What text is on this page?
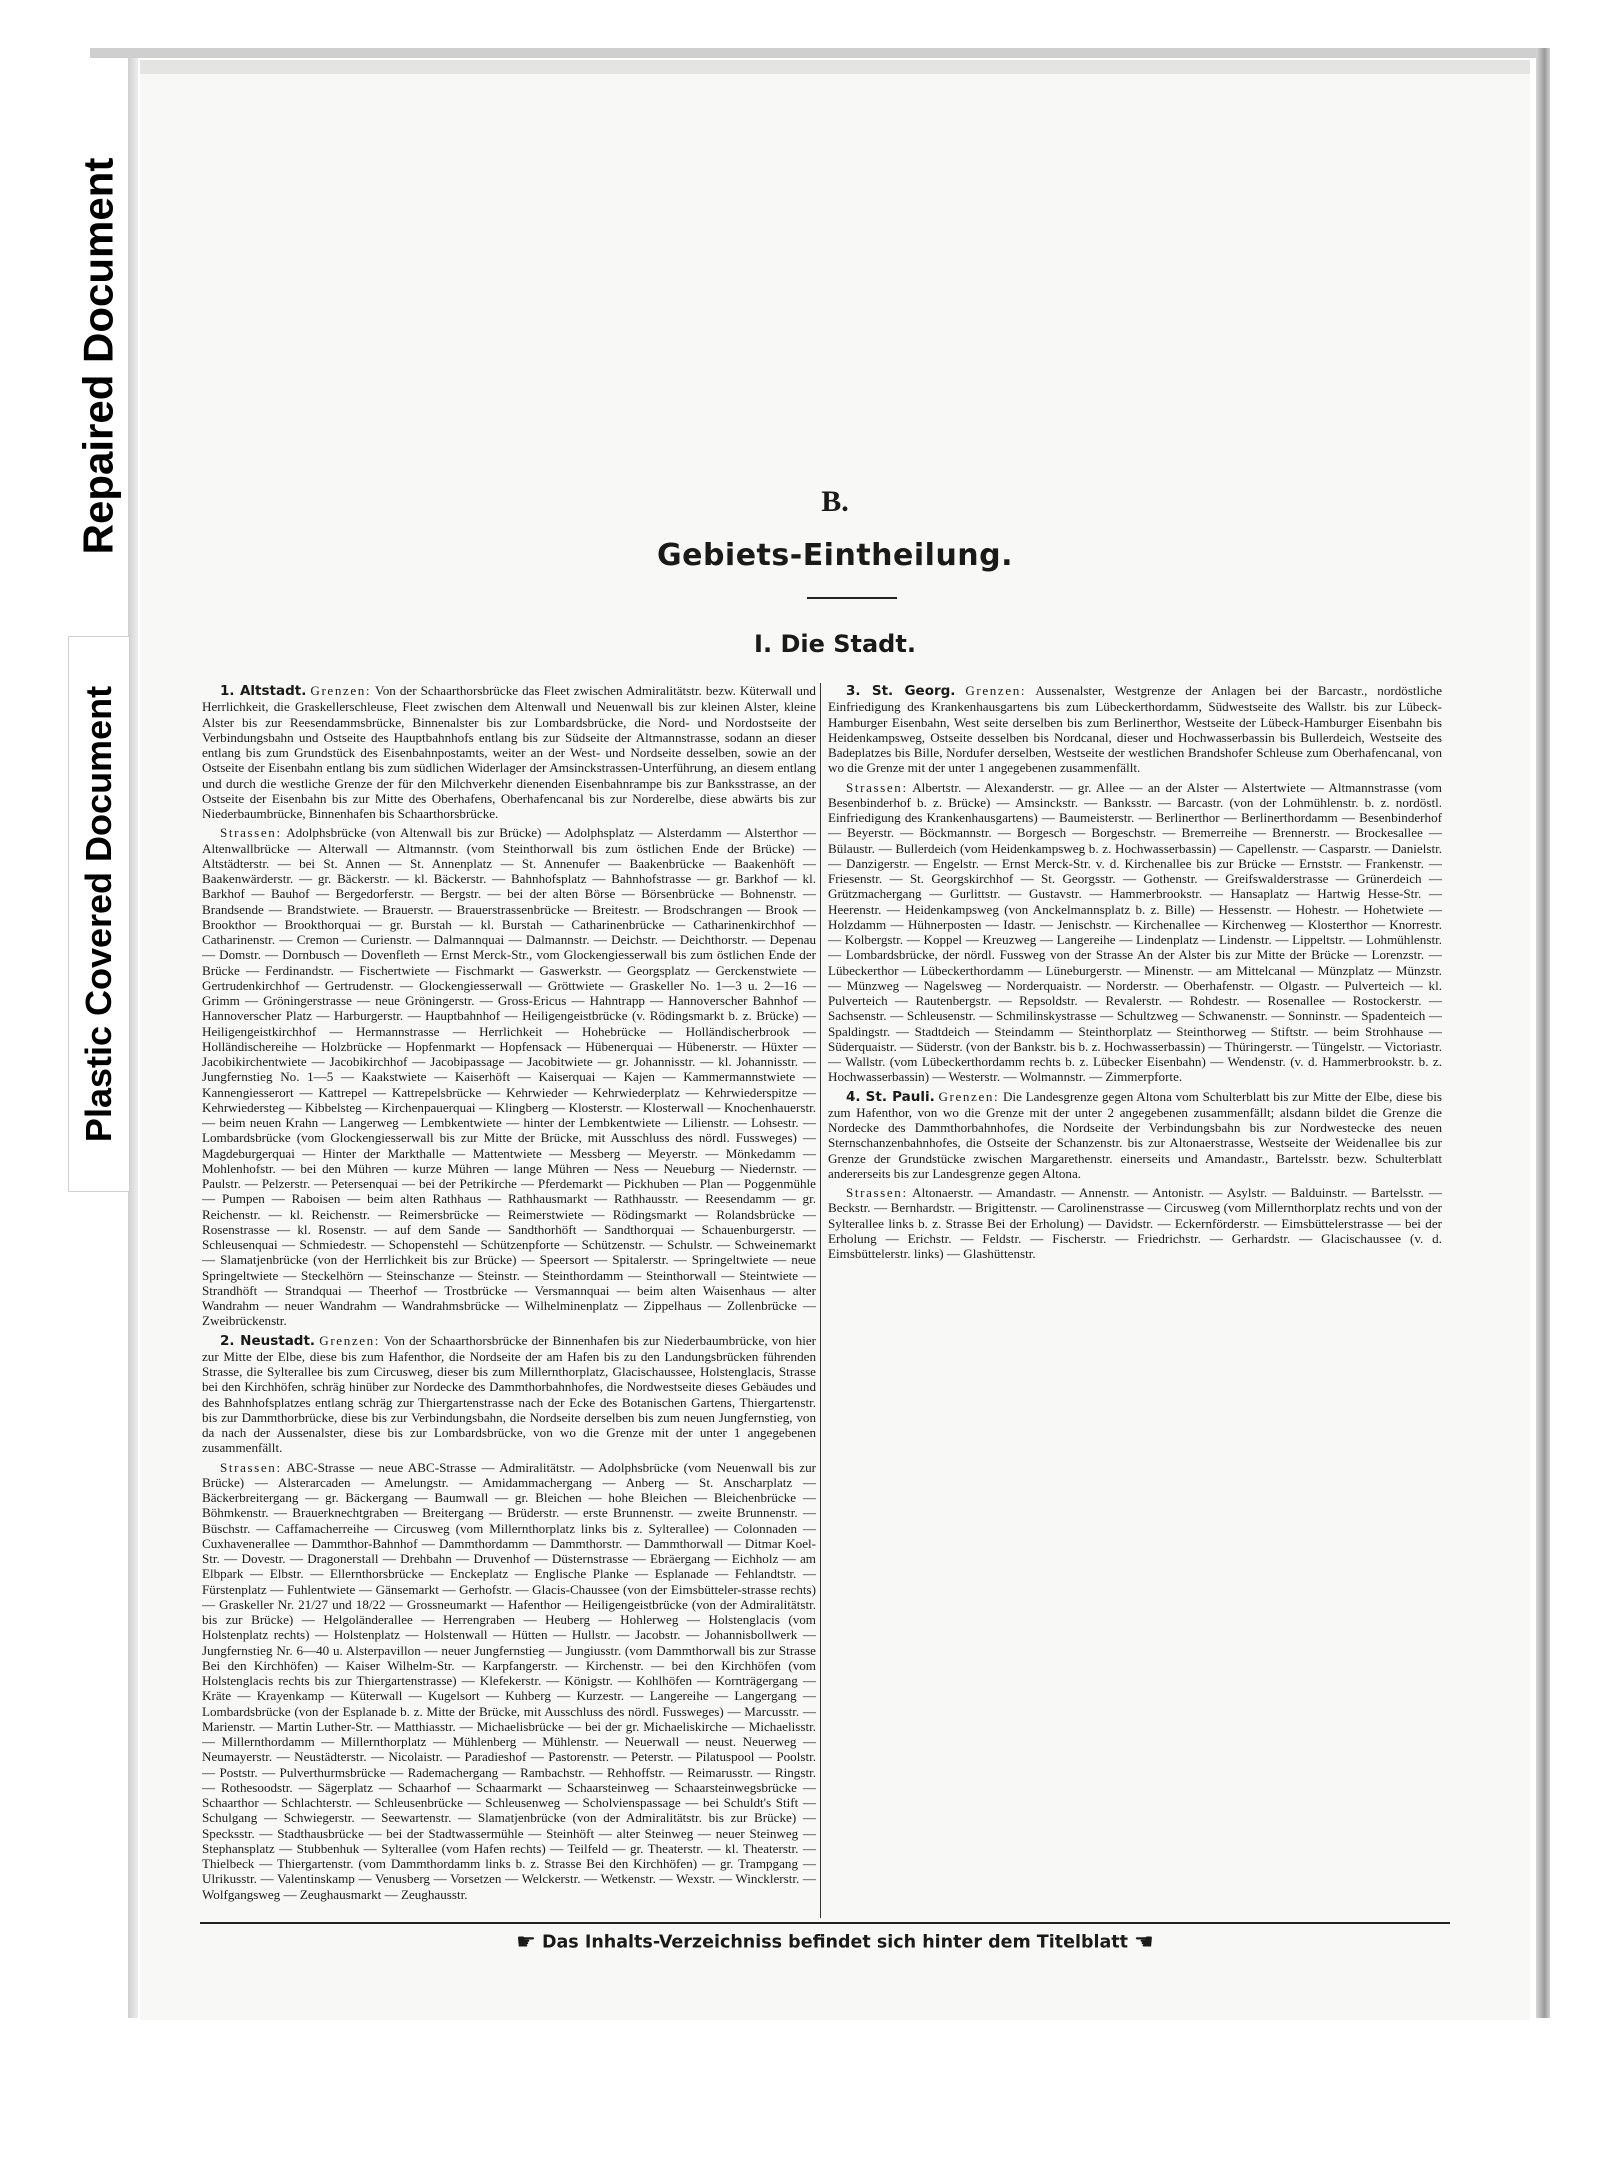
Repaired Document
Plastic Covered Document
B.
Gebiets-Eintheilung.
I. Die Stadt.

1. Altstadt. Grenzen: Von der Schaarthorsbrücke das Fleet zwischen Admiralitätstr. bezw. Küterwall und Herrlichkeit, die Graskellerschleuse, Fleet zwischen dem Altenwall und Neuenwall bis zur kleinen Alster, kleine Alster bis zur Reesendammsbrücke, Binnenalster bis zur Lombardsbrücke, die Nord- und Nordostseite der Verbindungsbahn und Ostseite des Hauptbahnhofs entlang bis zur Südseite der Altmannstrasse, sodann an dieser entlang bis zum Grundstück des Eisenbahnpostamts, weiter an der West- und Nordseite desselben, sowie an der Ostseite der Eisenbahn entlang bis zum südlichen Widerlager der Amsinckstrassen-Unterführung, an diesem entlang und durch die westliche Grenze der für den Milchverkehr dienenden Eisenbahnrampe bis zur Banksstrasse, an der Ostseite der Eisenbahn bis zur Mitte des Oberhafens, Oberhafencanal bis zur Norderelbe, diese abwärts bis zur Niederbaumbrücke, Binnenhafen bis Schaarthorsbrücke.

Strassen: Adolphsbrücke (von Altenwall bis zur Brücke) — Adolphsplatz — Alsterdamm — Alsterthor — Altenwallbrücke — Alterwall — Altmannstr. (vom Steinthorwall bis zum östlichen Ende der Brücke) — Altstädterstr. — bei St. Annen — St. Annenplatz — St. Annenufer — Baakenbrücke — Baakenhöft — Baakenwärderstr. — gr. Bäckerstr. — kl. Bäckerstr. — Bahnhofsplatz — Bahnhofstrasse — gr. Barkhof — kl. Barkhof — Bauhof — Bergedorferstr. — Bergstr. — bei der alten Börse — Börsenbrücke — Bohnenstr. — Brandsende — Brandstwiete. — Brauerstr. — Brauerstrassenbrücke — Breitestr. — Brodschrangen — Brook — Brookthor — Brookthorquai — gr. Burstah — kl. Burstah — Catharinenbrücke — Catharinenkirchhof — Catharinenstr. — Cremon — Curienstr. — Dalmannquai — Dalmannstr. — Deichstr. — Deichthorstr. — Depenau — Domstr. — Dornbusch — Dovenfleth — Ernst Merck-Str., vom Glockengiesserwall bis zum östlichen Ende der Brücke — Ferdinandstr. — Fischertwiete — Fischmarkt — Gaswerkstr. — Georgsplatz — Gerckenstwiete — Gertrudenkirchhof — Gertrudenstr. — Glockengiesserwall — Gröttwiete — Graskeller No. 1—3 u. 2—16 — Grimm — Gröningerstrasse — neue Gröningerstr. — Gross-Ericus — Hahntrapp — Hannoverscher Bahnhof — Hannoverscher Platz — Harburgerstr. — Hauptbahnhof — Heiligengeistbrücke (v. Rödingsmarkt b. z. Brücke) — Heiligengeistkirchhof — Hermannstrasse — Herrlichkeit — Hohebrücke — Holländischerbrook — Holländischereihe — Holzbrücke — Hopfenmarkt — Hopfensack — Hübenerquai — Hübenerstr. — Hüxter — Jacobikirchentwiete — Jacobikirchhof — Jacobipassage — Jacobitwiete — gr. Johannisstr. — kl. Johannisstr. — Jungfernstieg No. 1—5 — Kaakstwiete — Kaiserhöft — Kaiserquai — Kajen — Kammermannstwiete — Kannengiesserort — Kattrepel — Kattrepelsbrücke — Kehrwieder — Kehrwiederplatz — Kehrwiederspitze — Kehrwiedersteg — Kibbelsteg — Kirchenpauerquai — Klingberg — Klosterstr. — Klosterwall — Knochenhauerstr. — beim neuen Krahn — Langerweg — Lembkentwiete — hinter der Lembkentwiete — Lilienstr. — Lohsestr. — Lombardsbrücke (vom Glockengiesserwall bis zur Mitte der Brücke, mit Ausschluss des nördl. Fussweges) — Magdeburgerquai — Hinter der Markthalle — Mattentwiete — Messberg — Meyerstr. — Mönkedamm — Mohlenhofstr. — bei den Mühren — kurze Mühren — lange Mühren — Ness — Neueburg — Niedernstr. — Paulstr. — Pelzerstr. — Petersenquai — bei der Petrikirche — Pferdemarkt — Pickhuben — Plan — Poggenmühle — Pumpen — Raboisen — beim alten Rathhaus — Rathhausmarkt — Rathhausstr. — Reesendamm — gr. Reichenstr. — kl. Reichenstr. — Reimersbrücke — Reimerstwiete — Rödingsmarkt — Rolandsbrücke — Rosenstrasse — kl. Rosenstr. — auf dem Sande — Sandthorhöft — Sandthorquai — Schauenburgerstr. — Schleusenquai — Schmiedestr. — Schopenstehl — Schützenpforte — Schützenstr. — Schulstr. — Schweinemarkt — Slamatjenbrücke (von der Herrlichkeit bis zur Brücke) — Speersort — Spitalerstr. — Springeltwiete — neue Springeltwiete — Steckelhörn — Steinschanze — Steinstr. — Steinthordamm — Steinthorwall — Steintwiete — Strandhöft — Strandquai — Theerhof — Trostbrücke — Versmannquai — beim alten Waisenhaus — alter Wandrahm — neuer Wandrahm — Wandrahmsbrücke — Wilhelminenplatz — Zippelhaus — Zollenbrücke — Zweibrückenstr.

2. Neustadt. Grenzen: Von der Schaarthorsbrücke der Binnenhafen bis zur Niederbaumbrücke, von hier zur Mitte der Elbe, diese bis zum Hafenthor, die Nordseite der am Hafen bis zu den Landungsbrücken führenden Strasse, die Sylterallee bis zum Circusweg, dieser bis zum Millernthorplatz, Glacischaussee, Holstenglacis, Strasse bei den Kirchhöfen, schräg hinüber zur Nordecke des Dammthorbahnhofes, die Nordwestseite dieses Gebäudes und des Bahnhofsplatzes entlang schräg zur Thiergartenstrasse nach der Ecke des Botanischen Gartens, Thiergartenstr. bis zur Dammthorbrücke, diese bis zur Verbindungsbahn, die Nordseite derselben bis zum neuen Jungfernstieg, von da nach der Aussenalster, diese bis zur Lombardsbrücke, von wo die Grenze mit der unter 1 angegebenen zusammenfällt.

Strassen: ABC-Strasse — neue ABC-Strasse — Admiralitätstr. — Adolphsbrücke (vom Neuenwall bis zur Brücke) — Alsterarcaden — Amelungstr. — Amidammachergang — Anberg — St. Anscharplatz — Bäckerbreitergang — gr. Bäckergang — Baumwall — gr. Bleichen — hohe Bleichen — Bleichenbrücke — Böhmkenstr. — Brauerknechtgraben — Breitergang — Brüderstr. — erste Brunnenstr. — zweite Brunnenstr. — Büschstr. — Caffamacherreihe — Circusweg (vom Millernthorplatz links bis z. Sylterallee) — Colonnaden — Cuxhavenerallee — Dammthor-Bahnhof — Dammthordamm — Dammthorstr. — Dammthorwall — Ditmar Koel-Str. — Dovestr. — Dragonerstall — Drehbahn — Druvenhof — Düsternstrasse — Ebräergang — Eichholz — am Elbpark — Elbstr. — Ellernthorsbrücke — Enckeplatz — Englische Planke — Esplanade — Fehlandtstr. — Fürstenplatz — Fuhlentwiete — Gänsemarkt — Gerhofstr. — Glacis-Chaussee (von der Eimsbütteler-strasse rechts) — Graskeller Nr. 21/27 und 18/22 — Grossneumarkt — Hafenthor — Heiligengeistbrücke (von der Admiralitätstr. bis zur Brücke) — Helgoländerallee — Herrengraben — Heuberg — Hohlerweg — Holstenglacis (vom Holstenplatz rechts) — Holstenplatz — Holstenwall — Hütten — Hullstr. — Jacobstr. — Johannisbollwerk — Jungfernstieg Nr. 6—40 u. Alsterpavillon — neuer Jungfernstieg — Jungiusstr. (vom Dammthorwall bis zur Strasse Bei den Kirchhöfen) — Kaiser Wilhelm-Str. — Karpfangerstr. — Kirchenstr. — bei den Kirchhöfen (vom Holstenglacis rechts bis zur Thiergartenstrasse) — Klefekerstr. — Königstr. — Kohlhöfen — Kornträgergang — Kräte — Krayenkamp — Küterwall — Kugelsort — Kuhberg — Kurzestr. — Langereihe — Langergang — Lombardsbrücke (von der Esplanade b. z. Mitte der Brücke, mit Ausschluss des nördl. Fussweges) — Marcusstr. — Marienstr. — Martin Luther-Str. — Matthiasstr. — Michaelisbrücke — bei der gr. Michaeliskirche — Michaelisstr. — Millernthordamm — Millernthorplatz — Mühlenberg — Mühlenstr. — Neuerwall — neust. Neuerweg — Neumayerstr. — Neustädterstr. — Nicolaistr. — Paradieshof — Pastorenstr. — Peterstr. — Pilatuspool — Poolstr. — Poststr. — Pulverthurmsbrücke — Rademachergang — Rambachstr. — Rehhoffstr. — Reimarusstr. — Ringstr. — Rothesoodstr. — Sägerplatz — Schaarhof — Schaarmarkt — Schaarsteinweg — Schaarsteinwegsbrücke — Schaarthor — Schlachterstr. — Schleusenbrücke — Schleusenweg — Scholvienspassage — bei Schuldt's Stift — Schulgang — Schwiegerstr. — Seewartenstr. — Slamatjenbrücke (von der Admiralitätstr. bis zur Brücke) — Specksstr. — Stadthausbrücke — bei der Stadtwassermühle — Steinhöft — alter Steinweg — neuer Steinweg — Stephansplatz — Stubbenhuk — Sylterallee (vom Hafen rechts) — Teilfeld — gr. Theaterstr. — kl. Theaterstr. — Thielbeck — Thiergartenstr. (vom Dammthordamm links b. z. Strasse Bei den Kirchhöfen) — gr. Trampgang — Ulrikusstr. — Valentinskamp — Venusberg — Vorsetzen — Welckerstr. — Wetkenstr. — Wexstr. — Wincklerstr. — Wolfgangsweg — Zeughausmarkt — Zeughausstr.

3. St. Georg. Grenzen: Aussenalster, Westgrenze der Anlagen bei der Barcastr., nordöstliche Einfriedigung des Krankenhausgartens bis zum Lübeckerthordamm, Südwestseite des Wallstr. bis zur Lübeck-Hamburger Eisenbahn, West seite derselben bis zum Berlinerthor, Westseite der Lübeck-Hamburger Eisenbahn bis Heidenkampsweg, Ostseite desselben bis Nordcanal, dieser und Hochwasserbassin bis Bullerdeich, Westseite des Badeplatzes bis Bille, Nordufer derselben, Westseite der westlichen Brandshofer Schleuse zum Oberhafencanal, von wo die Grenze mit der unter 1 angegebenen zusammenfällt.

Strassen: Albertstr. — Alexanderstr. — gr. Allee — an der Alster — Alstertwiete — Altmannstrasse (vom Besenbinderhof b. z. Brücke) — Amsinckstr. — Banksstr. — Barcastr. (von der Lohmühlenstr. b. z. nordöstl. Einfriedigung des Krankenhausgartens) — Baumeisterstr. — Berlinerthor — Berlinerthordamm — Besenbinderhof — Beyerstr. — Böckmannstr. — Borgesch — Borgeschstr. — Bremerreihe — Brennerstr. — Brockesallee — Bülaustr. — Bullerdeich (vom Heidenkampsweg b. z. Hochwasserbassin) — Capellenstr. — Casparstr. — Danielstr. — Danzigerstr. — Engelstr. — Ernst Merck-Str. v. d. Kirchenallee bis zur Brücke — Ernststr. — Frankenstr. — Friesenstr. — St. Georgskirchhof — St. Georgsstr. — Gothenstr. — Greifswalderstrasse — Grünerdeich — Grützmachergang — Gurlittstr. — Gustavstr. — Hammerbrookstr. — Hansaplatz — Hartwig Hesse-Str. — Heerenstr. — Heidenkampsweg (von Anckelmannsplatz b. z. Bille) — Hessenstr. — Hohestr. — Hohetwiete — Holzdamm — Hühnerposten — Idastr. — Jenischstr. — Kirchenallee — Kirchenweg — Klosterthor — Knorrestr. — Kolbergstr. — Koppel — Kreuzweg — Langereihe — Lindenplatz — Lindenstr. — Lippeltstr. — Lohmühlenstr. — Lombardsbrücke, der nördl. Fussweg von der Strasse An der Alster bis zur Mitte der Brücke — Lorenzstr. — Lübeckerthor — Lübeckerthordamm — Lüneburgerstr. — Minenstr. — am Mittelcanal — Münzplatz — Münzstr. — Münzweg — Nagelsweg — Norderquaistr. — Norderstr. — Oberhafenstr. — Olgastr. — Pulverteich — kl. Pulverteich — Rautenbergstr. — Repsoldstr. — Revalerstr. — Rohdestr. — Rosenallee — Rostockerstr. — Sachsenstr. — Schleusenstr. — Schmilinskystrasse — Schultzweg — Schwanenstr. — Sonninstr. — Spadenteich — Spaldingstr. — Stadtdeich — Steindamm — Steinthorplatz — Steinthorweg — Stiftstr. — beim Strohhause — Süderquaistr. — Süderstr. (von der Bankstr. bis b. z. Hochwasserbassin) — Thüringerstr. — Tüngelstr. — Victoriastr. — Wallstr. (vom Lübeckerthordamm rechts b. z. Lübecker Eisenbahn) — Wendenstr. (v. d. Hammerbrookstr. b. z. Hochwasserbassin) — Westerstr. — Wolmannstr. — Zimmerpforte.

4. St. Pauli. Grenzen: Die Landesgrenze gegen Altona vom Schulterblatt bis zur Mitte der Elbe, diese bis zum Hafenthor, von wo die Grenze mit der unter 2 angegebenen zusammenfällt; alsdann bildet die Grenze die Nordecke des Dammthorbahnhofes, die Nordseite der Verbindungsbahn bis zur Nordwestecke des neuen Sternschanzenbahnhofes, die Ostseite der Schanzenstr. bis zur Altonaerstrasse, Westseite der Weidenallee bis zur Grenze der Grundstücke zwischen Margarethenstr. einerseits und Amandastr., Bartelsstr. bezw. Schulterblatt andererseits bis zur Landesgrenze gegen Altona.

Strassen: Altonaerstr. — Amandastr. — Annenstr. — Antonistr. — Asylstr. — Balduinstr. — Bartelsstr. — Beckstr. — Bernhardstr. — Brigittenstr. — Carolinenstrasse — Circusweg (vom Millernthorplatz rechts und von der Sylterallee links b. z. Strasse Bei der Erholung) — Davidstr. — Eckernförderstr. — Eimsbüttelerstrasse — bei der Erholung — Erichstr. — Feldstr. — Fischerstr. — Friedrichstr. — Gerhardstr. — Glacischaussee (v. d. Eimsbüttelerstr. links) — Glashüttenstr.

☛ Das Inhalts-Verzeichniss befindet sich hinter dem Titelblatt ☛
